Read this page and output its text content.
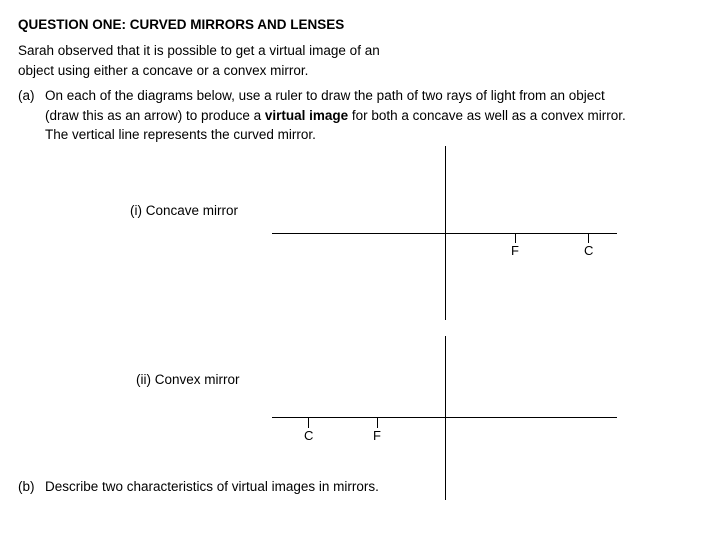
QUESTION ONE: CURVED MIRRORS AND LENSES
Sarah observed that it is possible to get a virtual image of an
object using either a concave or a convex mirror.
(a) On each of the diagrams below, use a ruler to draw the path of two rays of light from an object
(draw this as an arrow) to produce a virtual image for both a concave as well as a convex mirror.
The vertical line represents the curved mirror.
(i) Concave mirror
F	C
(ii) Convex mirror
C	F
(b) Describe two characteristics of virtual images in mirrors.
